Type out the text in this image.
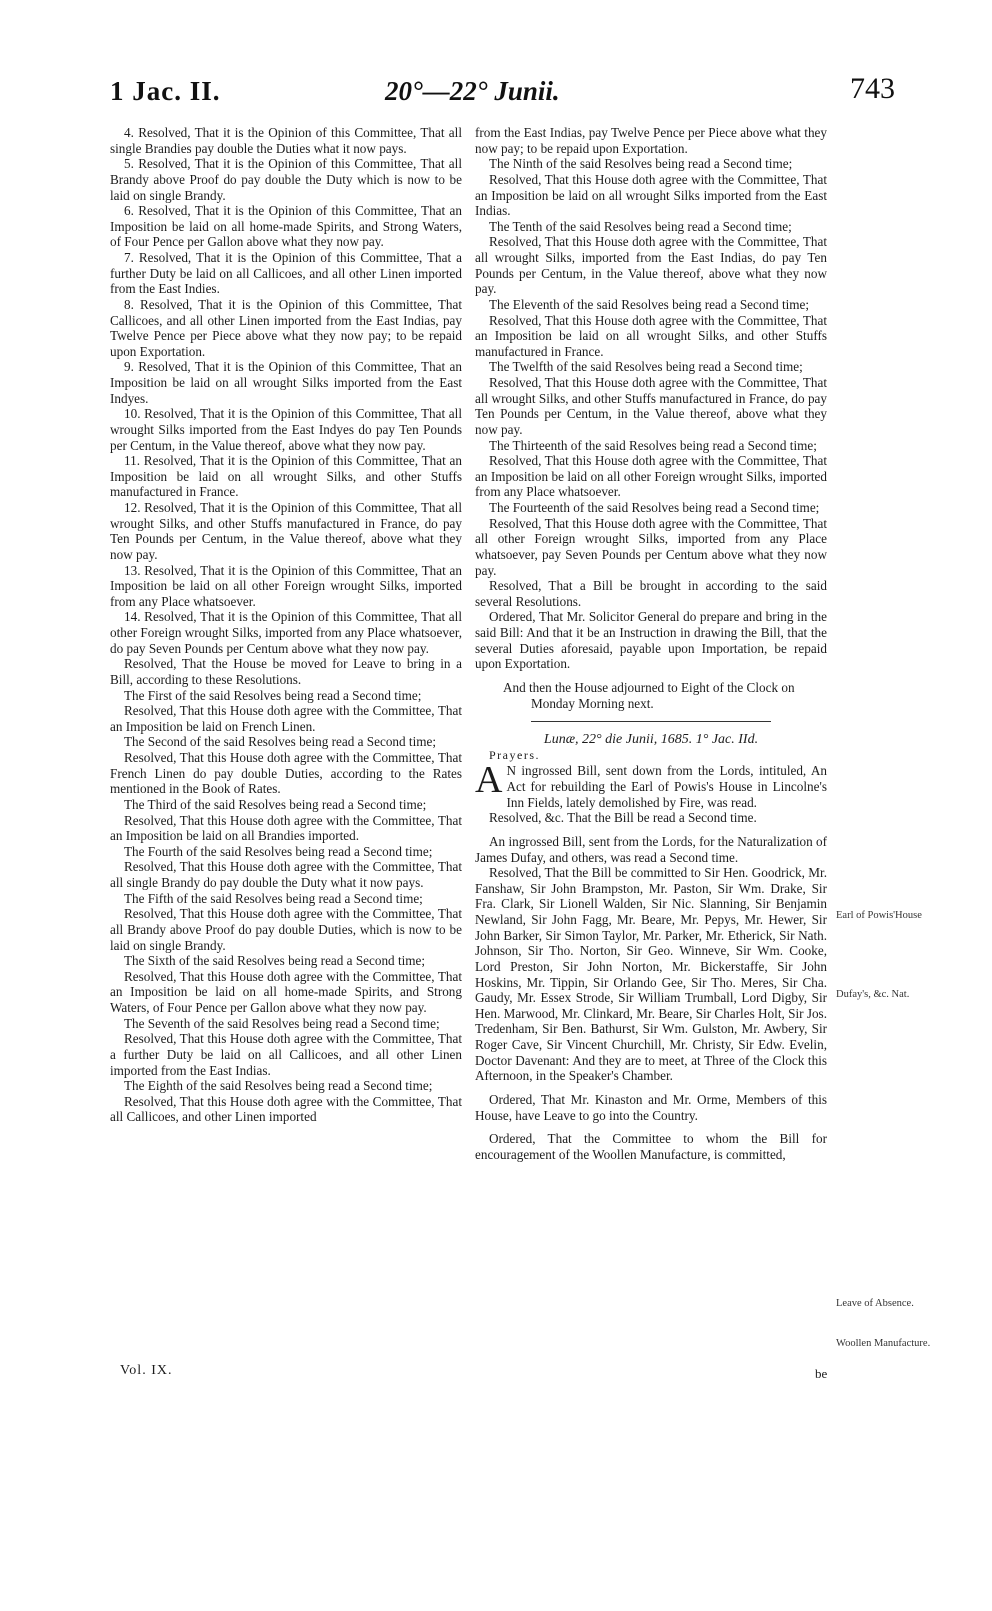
1 Jac. II.	20°—22° Junii.	743

4. Resolved, That it is the Opinion of this Committee, That all single Brandies pay double the Duties what it now pays.

5. Resolved, That it is the Opinion of this Committee, That all Brandy above Proof do pay double the Duty which is now to be laid on single Brandy.

6. Resolved, That it is the Opinion of this Committee, That an Imposition be laid on all home-made Spirits, and Strong Waters, of Four Pence per Gallon above what they now pay.

7. Resolved, That it is the Opinion of this Committee, That a further Duty be laid on all Callicoes, and all other Linen imported from the East Indies.

8. Resolved, That it is the Opinion of this Committee, That Callicoes, and all other Linen imported from the East Indias, pay Twelve Pence per Piece above what they now pay; to be repaid upon Exportation.

9. Resolved, That it is the Opinion of this Committee, That an Imposition be laid on all wrought Silks imported from the East Indyes.

10. Resolved, That it is the Opinion of this Committee, That all wrought Silks imported from the East Indyes do pay Ten Pounds per Centum, in the Value thereof, above what they now pay.

11. Resolved, That it is the Opinion of this Committee, That an Imposition be laid on all wrought Silks, and other Stuffs manufactured in France.

12. Resolved, That it is the Opinion of this Committee, That all wrought Silks, and other Stuffs manufactured in France, do pay Ten Pounds per Centum, in the Value thereof, above what they now pay.

13. Resolved, That it is the Opinion of this Committee, That an Imposition be laid on all other Foreign wrought Silks, imported from any Place whatsoever.

14. Resolved, That it is the Opinion of this Committee, That all other Foreign wrought Silks, imported from any Place whatsoever, do pay Seven Pounds per Centum above what they now pay.

Resolved, That the House be moved for Leave to bring in a Bill, according to these Resolutions.

The First of the said Resolves being read a Second time;

Resolved, That this House doth agree with the Committee, That an Imposition be laid on French Linen.

The Second of the said Resolves being read a Second time;

Resolved, That this House doth agree with the Committee, That French Linen do pay double Duties, according to the Rates mentioned in the Book of Rates.

The Third of the said Resolves being read a Second time;

Resolved, That this House doth agree with the Committee, That an Imposition be laid on all Brandies imported.

The Fourth of the said Resolves being read a Second time;

Resolved, That this House doth agree with the Committee, That all single Brandy do pay double the Duty what it now pays.

The Fifth of the said Resolves being read a Second time;

Resolved, That this House doth agree with the Committee, That all Brandy above Proof do pay double Duties, which is now to be laid on single Brandy.

The Sixth of the said Resolves being read a Second time;

Resolved, That this House doth agree with the Committee, That an Imposition be laid on all home-made Spirits, and Strong Waters, of Four Pence per Gallon above what they now pay.

The Seventh of the said Resolves being read a Second time;

Resolved, That this House doth agree with the Committee, That a further Duty be laid on all Callicoes, and all other Linen imported from the East Indias.

The Eighth of the said Resolves being read a Second time;

Resolved, That this House doth agree with the Committee, That all Callicoes, and other Linen imported

from the East Indias, pay Twelve Pence per Piece above what they now pay; to be repaid upon Exportation.

The Ninth of the said Resolves being read a Second time;

Resolved, That this House doth agree with the Committee, That an Imposition be laid on all wrought Silks imported from the East Indias.

The Tenth of the said Resolves being read a Second time;

Resolved, That this House doth agree with the Committee, That all wrought Silks, imported from the East Indias, do pay Ten Pounds per Centum, in the Value thereof, above what they now pay.

The Eleventh of the said Resolves being read a Second time;

Resolved, That this House doth agree with the Committee, That an Imposition be laid on all wrought Silks, and other Stuffs manufactured in France.

The Twelfth of the said Resolves being read a Second time;

Resolved, That this House doth agree with the Committee, That all wrought Silks, and other Stuffs manufactured in France, do pay Ten Pounds per Centum, in the Value thereof, above what they now pay.

The Thirteenth of the said Resolves being read a Second time;

Resolved, That this House doth agree with the Committee, That an Imposition be laid on all other Foreign wrought Silks, imported from any Place whatsoever.

The Fourteenth of the said Resolves being read a Second time;

Resolved, That this House doth agree with the Committee, That all other Foreign wrought Silks, imported from any Place whatsoever, pay Seven Pounds per Centum above what they now pay.

Resolved, That a Bill be brought in according to the said several Resolutions.

Ordered, That Mr. Solicitor General do prepare and bring in the said Bill: And that it be an Instruction in drawing the Bill, that the several Duties aforesaid, payable upon Importation, be repaid upon Exportation.

And then the House adjourned to Eight of the Clock on Monday Morning next.

Lunæ, 22° die Junii, 1685. 1° Jac. IId.

Prayers.

A N ingrossed Bill, sent down from the Lords, intituled, An Act for rebuilding the Earl of Powis's House in Lincolne's Inn Fields, lately demolished by Fire, was read.

Resolved, &c. That the Bill be read a Second time.

An ingrossed Bill, sent from the Lords, for the Naturalization of James Dufay, and others, was read a Second time.

Resolved, That the Bill be committed to Sir Hen. Goodrick, Mr. Fanshaw, Sir John Brampston, Mr. Paston, Sir Wm. Drake, Sir Fra. Clark, Sir Lionell Walden, Sir Nic. Slanning, Sir Benjamin Newland, Sir John Fagg, Mr. Beare, Mr. Pepys, Mr. Hewer, Sir John Barker, Sir Simon Taylor, Mr. Parker, Mr. Etherick, Sir Nath. Johnson, Sir Tho. Norton, Sir Geo. Winneve, Sir Wm. Cooke, Lord Preston, Sir John Norton, Mr. Bickerstaffe, Sir John Hoskins, Mr. Tippin, Sir Orlando Gee, Sir Tho. Meres, Sir Cha. Gaudy, Mr. Essex Strode, Sir William Trumball, Lord Digby, Sir Hen. Marwood, Mr. Clinkard, Mr. Beare, Sir Charles Holt, Sir Jos. Tredenham, Sir Ben. Bathurst, Sir Wm. Gulston, Mr. Awbery, Sir Roger Cave, Sir Vincent Churchill, Mr. Christy, Sir Edw. Evelin, Doctor Davenant: And they are to meet, at Three of the Clock this Afternoon, in the Speaker's Chamber.

Ordered, That Mr. Kinaston and Mr. Orme, Members of this House, have Leave to go into the Country.

Ordered, That the Committee to whom the Bill for encouragement of the Woollen Manufacture, is committed,

Earl of Powis'House
Dufay's, &c. Nat.
Leave of Absence.
Woollen Manufacture.
Vol. IX.	be
